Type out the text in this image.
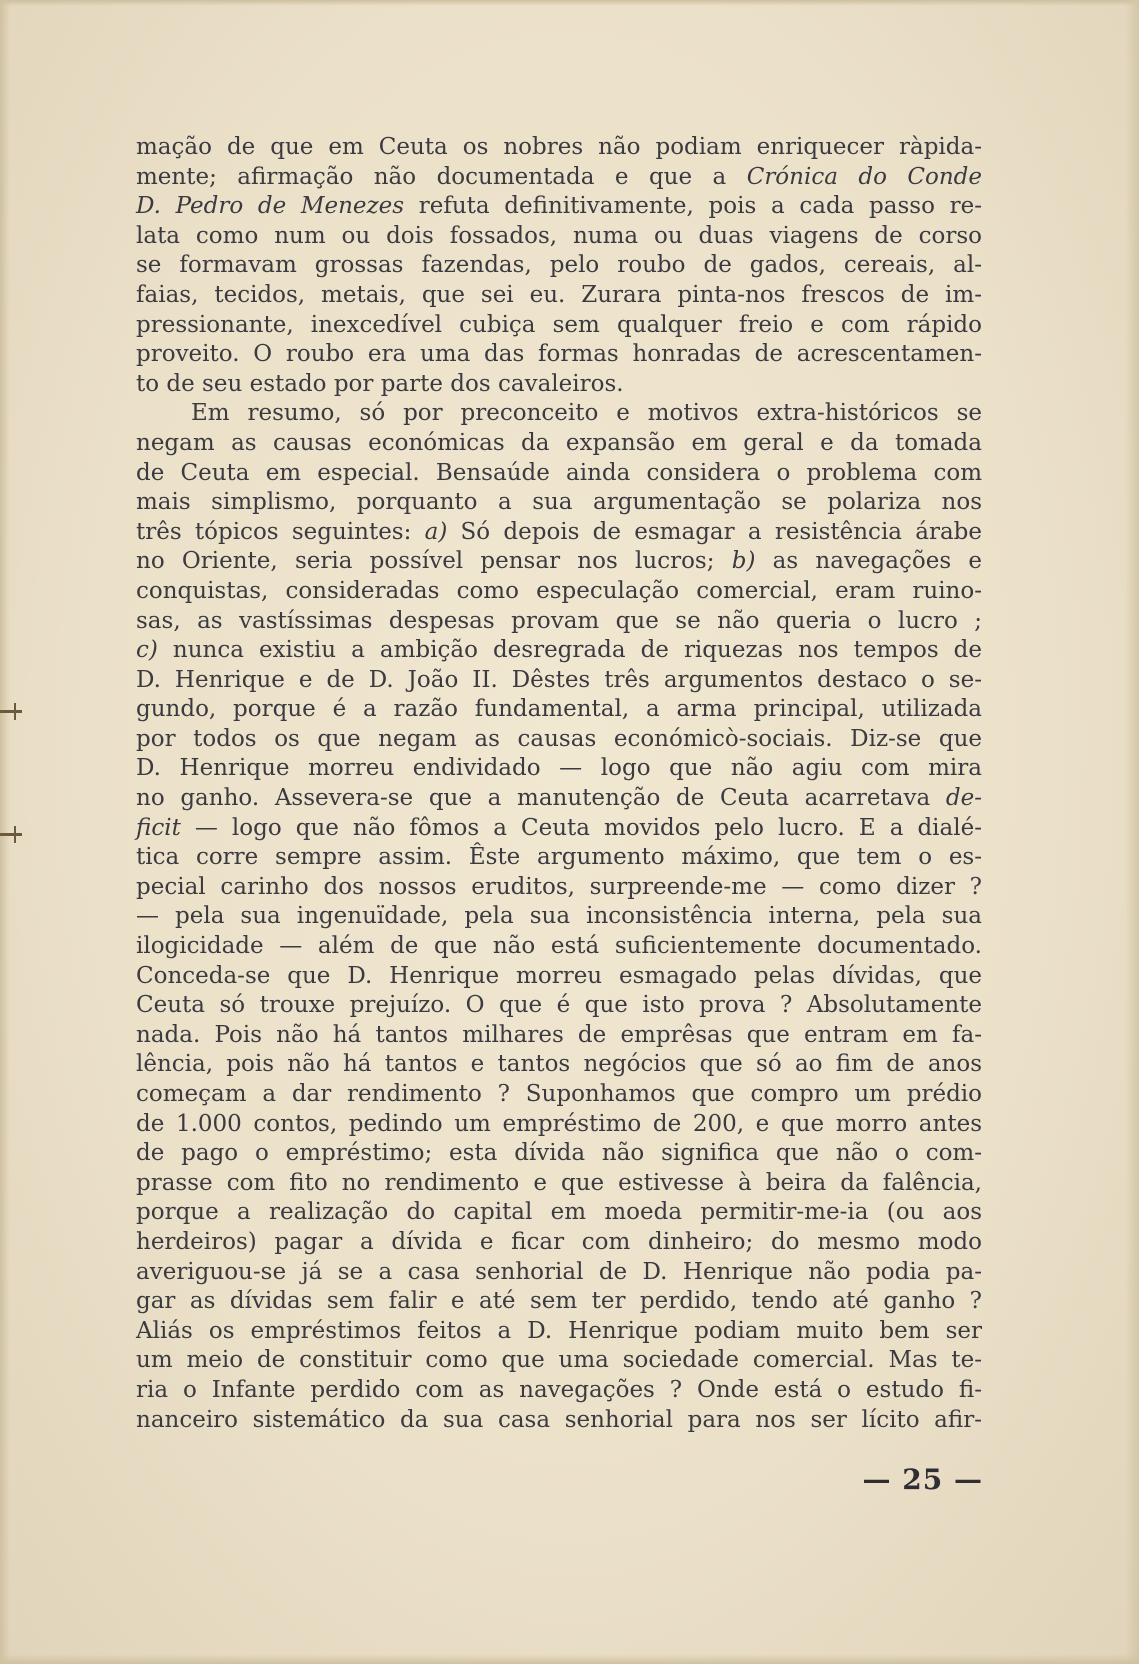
mação de que em Ceuta os nobres não podiam enriquecer ràpida-
mente; afirmação não documentada e que a Crónica do Conde
D. Pedro de Menezes refuta definitivamente, pois a cada passo re-
lata como num ou dois fossados, numa ou duas viagens de corso
se formavam grossas fazendas, pelo roubo de gados, cereais, al-
faias, tecidos, metais, que sei eu. Zurara pinta-nos frescos de im-
pressionante, inexcedível cubiça sem qualquer freio e com rápido
proveito. O roubo era uma das formas honradas de acrescentamen-
to de seu estado por parte dos cavaleiros.
Em resumo, só por preconceito e motivos extra-históricos se
negam as causas económicas da expansão em geral e da tomada
de Ceuta em especial. Bensaúde ainda considera o problema com
mais simplismo, porquanto a sua argumentação se polariza nos
três tópicos seguintes: a) Só depois de esmagar a resistência árabe
no Oriente, seria possível pensar nos lucros; b) as navegações e
conquistas, consideradas como especulação comercial, eram ruino-
sas, as vastíssimas despesas provam que se não queria o lucro ;
c) nunca existiu a ambição desregrada de riquezas nos tempos de
D. Henrique e de D. João II. Dêstes três argumentos destaco o se-
gundo, porque é a razão fundamental, a arma principal, utilizada
por todos os que negam as causas económicò-sociais. Diz-se que
D. Henrique morreu endividado — logo que não agiu com mira
no ganho. Assevera-se que a manutenção de Ceuta acarretava de-
ficit — logo que não fômos a Ceuta movidos pelo lucro. E a dialé-
tica corre sempre assim. Êste argumento máximo, que tem o es-
pecial carinho dos nossos eruditos, surpreende-me — como dizer ?
— pela sua ingenuïdade, pela sua inconsistência interna, pela sua
ilogicidade — além de que não está suficientemente documentado.
Conceda-se que D. Henrique morreu esmagado pelas dívidas, que
Ceuta só trouxe prejuízo. O que é que isto prova ? Absolutamente
nada. Pois não há tantos milhares de emprêsas que entram em fa-
lência, pois não há tantos e tantos negócios que só ao fim de anos
começam a dar rendimento ? Suponhamos que compro um prédio
de 1.000 contos, pedindo um empréstimo de 200, e que morro antes
de pago o empréstimo; esta dívida não significa que não o com-
prasse com fito no rendimento e que estivesse à beira da falência,
porque a realização do capital em moeda permitir-me-ia (ou aos
herdeiros) pagar a dívida e ficar com dinheiro; do mesmo modo
averiguou-se já se a casa senhorial de D. Henrique não podia pa-
gar as dívidas sem falir e até sem ter perdido, tendo até ganho ?
Aliás os empréstimos feitos a D. Henrique podiam muito bem ser
um meio de constituir como que uma sociedade comercial. Mas te-
ria o Infante perdido com as navegações ? Onde está o estudo fi-
nanceiro sistemático da sua casa senhorial para nos ser lícito afir-
— 25 —
